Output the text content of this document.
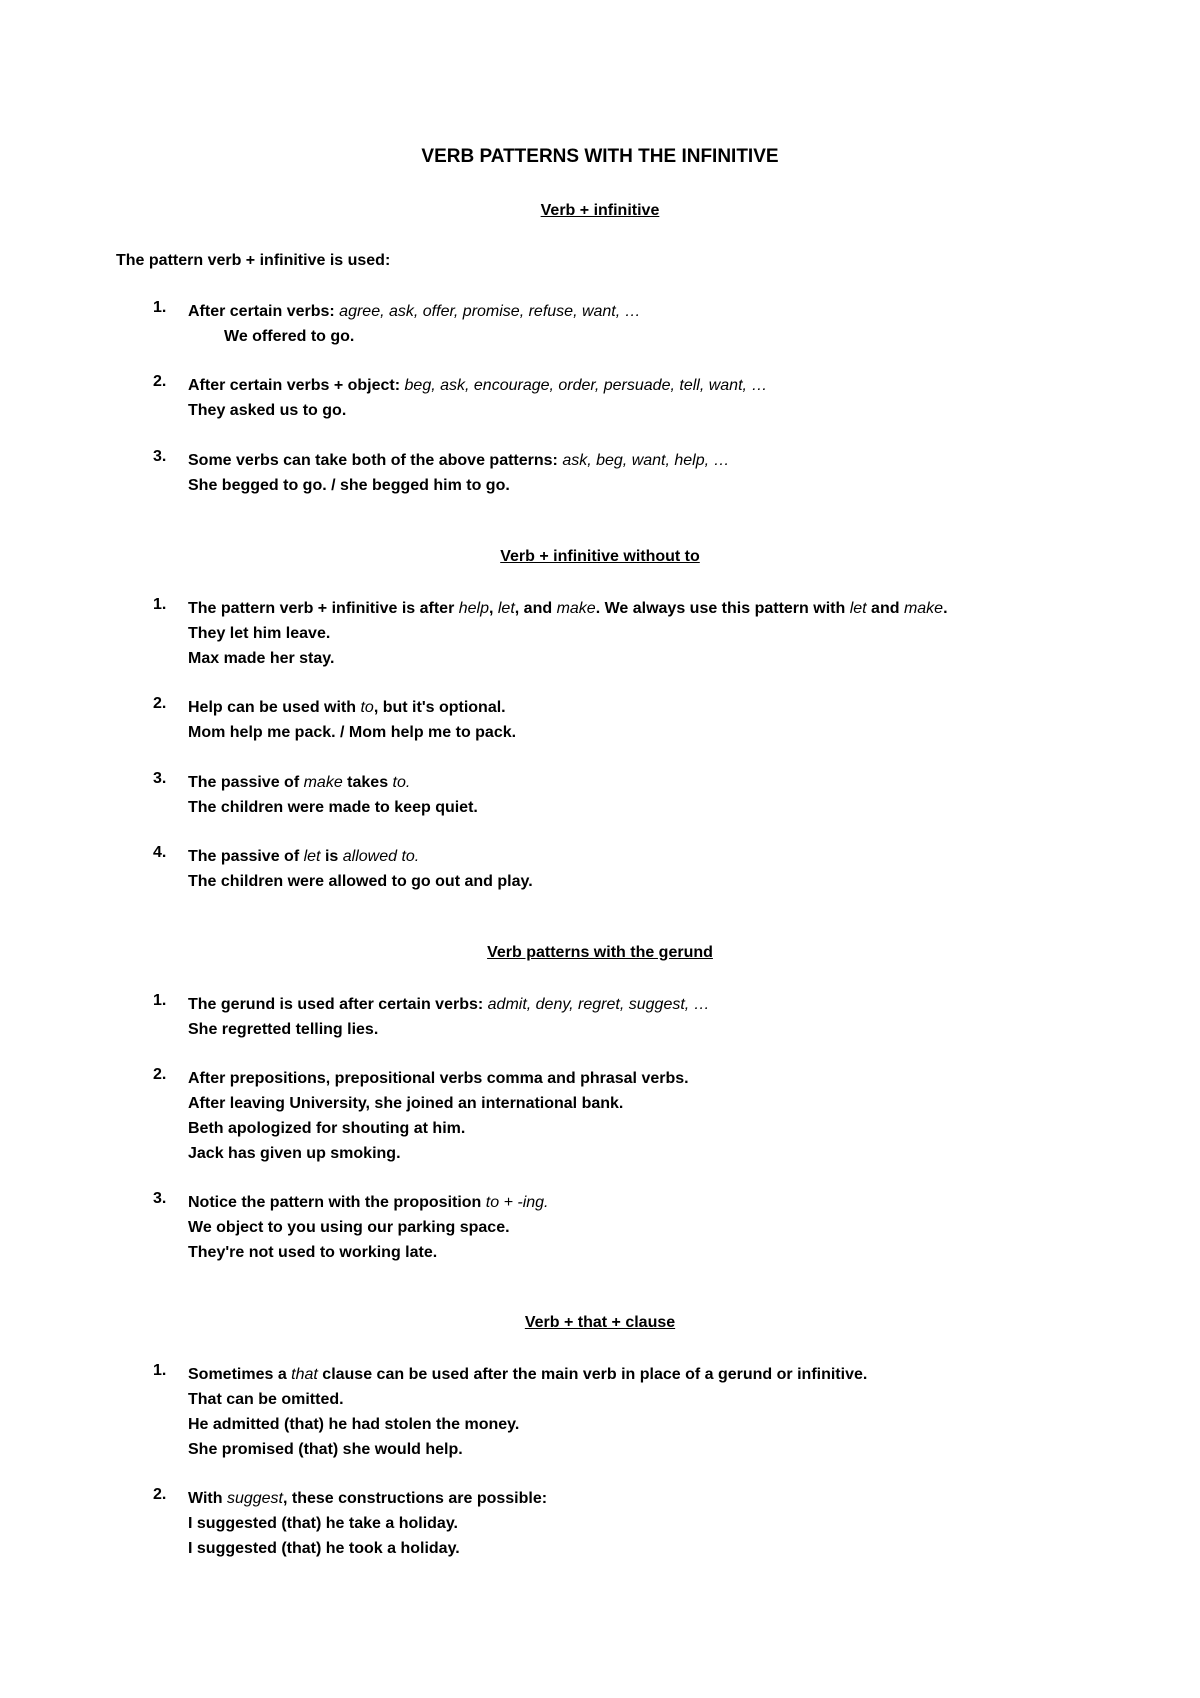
VERB PATTERNS WITH THE INFINITIVE
Verb + infinitive
The pattern verb + infinitive is used:
1. After certain verbs: agree, ask, offer, promise, refuse, want, …
We offered to go.
2. After certain verbs + object: beg, ask, encourage, order, persuade, tell, want, …
They asked us to go.
3. Some verbs can take both of the above patterns: ask, beg, want, help, …
She begged to go. / she begged him to go.
Verb + infinitive without to
1. The pattern verb + infinitive is after help, let, and make. We always use this pattern with let and make.
They let him leave.
Max made her stay.
2. Help can be used with to, but it's optional.
Mom help me pack. / Mom help me to pack.
3. The passive of make takes to.
The children were made to keep quiet.
4. The passive of let is allowed to.
The children were allowed to go out and play.
Verb patterns with the gerund
1. The gerund is used after certain verbs: admit, deny, regret, suggest, …
She regretted telling lies.
2. After prepositions, prepositional verbs comma and phrasal verbs.
After leaving University, she joined an international bank.
Beth apologized for shouting at him.
Jack has given up smoking.
3. Notice the pattern with the proposition to + -ing.
We object to you using our parking space.
They're not used to working late.
Verb + that + clause
1. Sometimes a that clause can be used after the main verb in place of a gerund or infinitive.
That can be omitted.
He admitted (that) he had stolen the money.
She promised (that) she would help.
2. With suggest, these constructions are possible:
I suggested (that) he take a holiday.
I suggested (that) he took a holiday.
